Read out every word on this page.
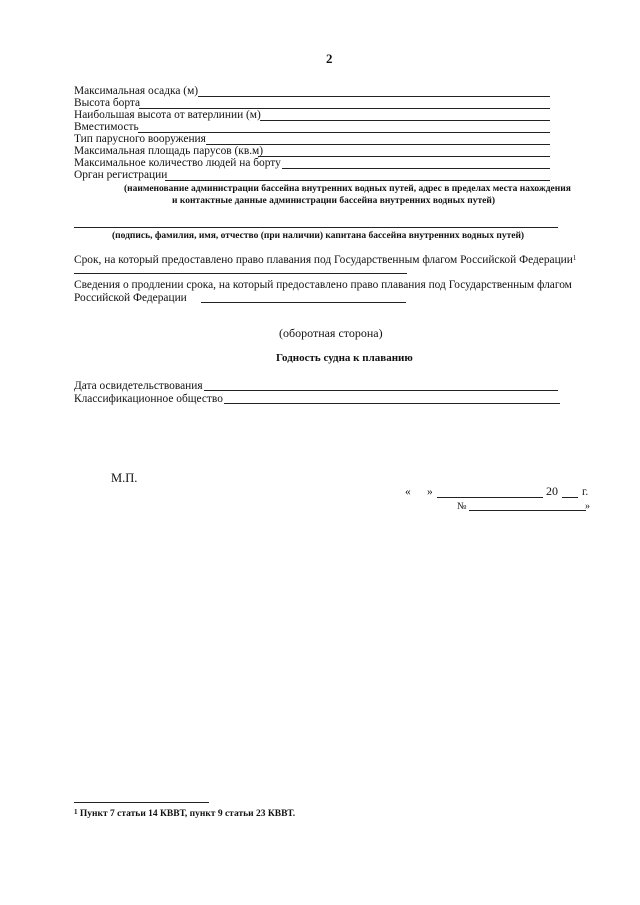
2
Максимальная осадка (м)
Высота борта
Наибольшая высота от ватерлинии (м)
Вместимость
Тип парусного вооружения
Максимальная площадь парусов (кв.м)
Максимальное количество людей на борту
Орган регистрации
(наименование администрации бассейна внутренних водных путей, адрес в пределах места нахождения
и контактные данные администрации бассейна внутренних водных путей)
(подпись, фамилия, имя, отчество (при наличии) капитана бассейна внутренних водных путей)
Срок, на который предоставлено право плавания под Государственным флагом Российской Федерации$^1$
Сведения о продлении срока, на который предоставлено право плавания под Государственным флагом
Российской Федерации
(оборотная сторона)
Годность судна к плаванию
Дата освидетельствования
Классификационное общество
М.П.
« »	20 г.
№	»
$^1$ Пункт 7 статьи 14 КВВТ, пункт 9 статьи 23 КВВТ.
